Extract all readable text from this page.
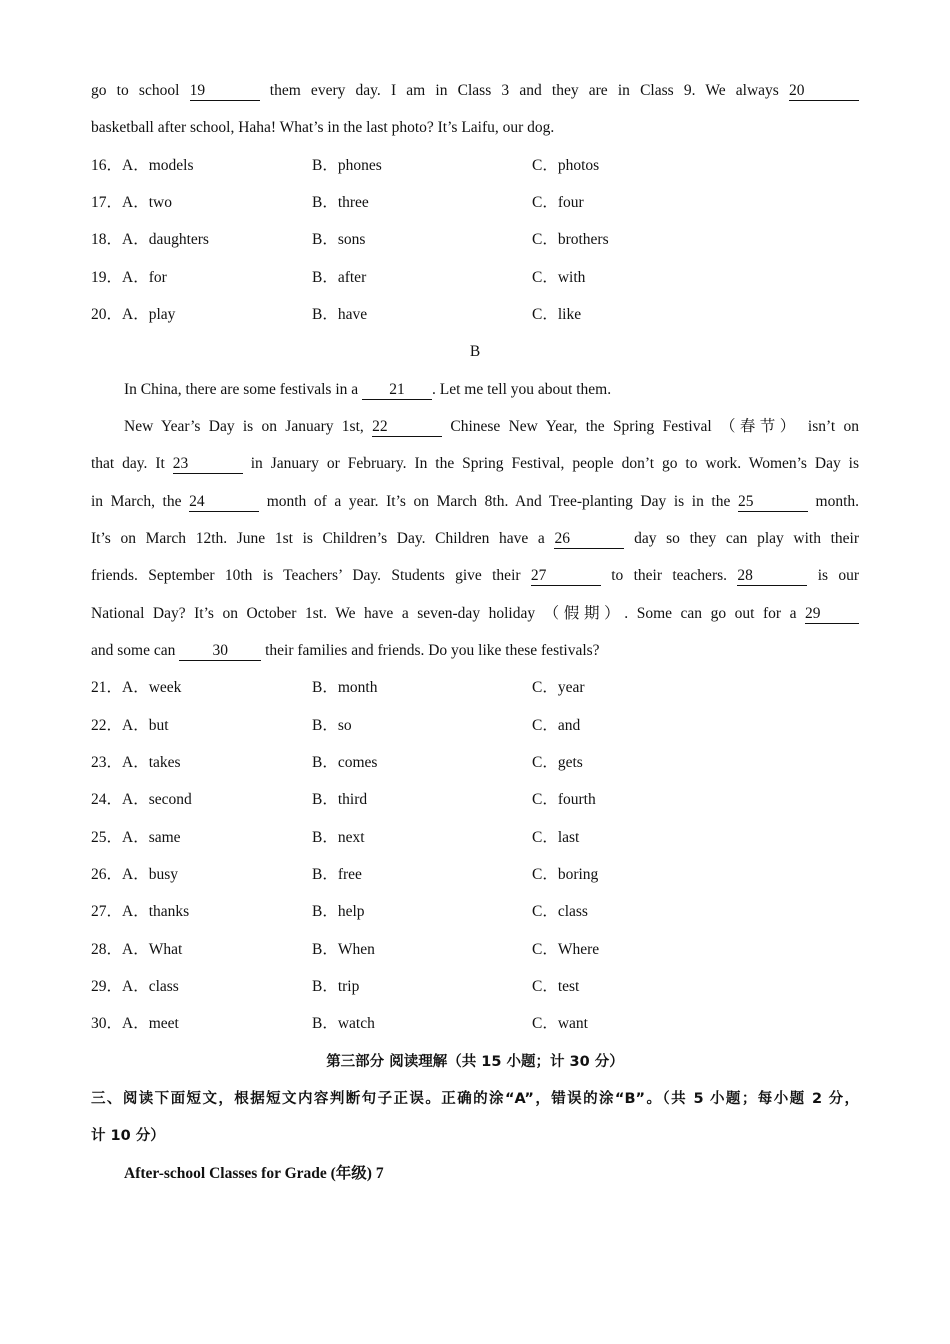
go to school 19	them every day. I am in Class 3 and they are in Class 9. We always 20
basketball after school, Haha! What’s in the last photo? It’s Laifu, our dog.
16．A．models	B．phones	C．photos
17．A．two	B．three	C．four
18．A．daughters	B．sons	C．brothers
19．A．for	B．after	C．with
20．A．play	B．have	C．like
B
In China, there are some festivals in a 21 . Let me tell you about them.
New Year’s Day is on January 1st, 22	Chinese New Year, the Spring Festival （春节） isn’t on
that day. It 23	in January or February. In the Spring Festival, people don’t go to work. Women’s Day is
in March, the 24	month of a year. It’s on March 8th. And Tree-planting Day is in the 25	month.
It’s on March 12th. June 1st is Children’s Day. Children have a 26	day so they can play with their
friends. September 10th is Teachers’ Day. Students give their 27	to their teachers. 28	is our
National Day? It’s on October 1st. We have a seven-day holiday （假期）. Some can go out for a 29
and some can 30 their families and friends. Do you like these festivals?
21．A．week	B．month	C．year
22．A．but	B．so	C．and
23．A．takes	B．comes	C．gets
24．A．second	B．third	C．fourth
25．A．same	B．next	C．last
26．A．busy	B．free	C．boring
27．A．thanks	B．help	C．class
28．A．What	B．When	C．Where
29．A．class	B．trip	C．test
30．A．meet	B．watch	C．want
第三部分 阅读理解（共 15 小题；计 30 分）
三、阅读下面短文，根据短文内容判断句子正误。正确的涂“A”，错误的涂“B”。（共 5 小题；每小题 2 分，
计 10 分）
After-school Classes for Grade (年级) 7
